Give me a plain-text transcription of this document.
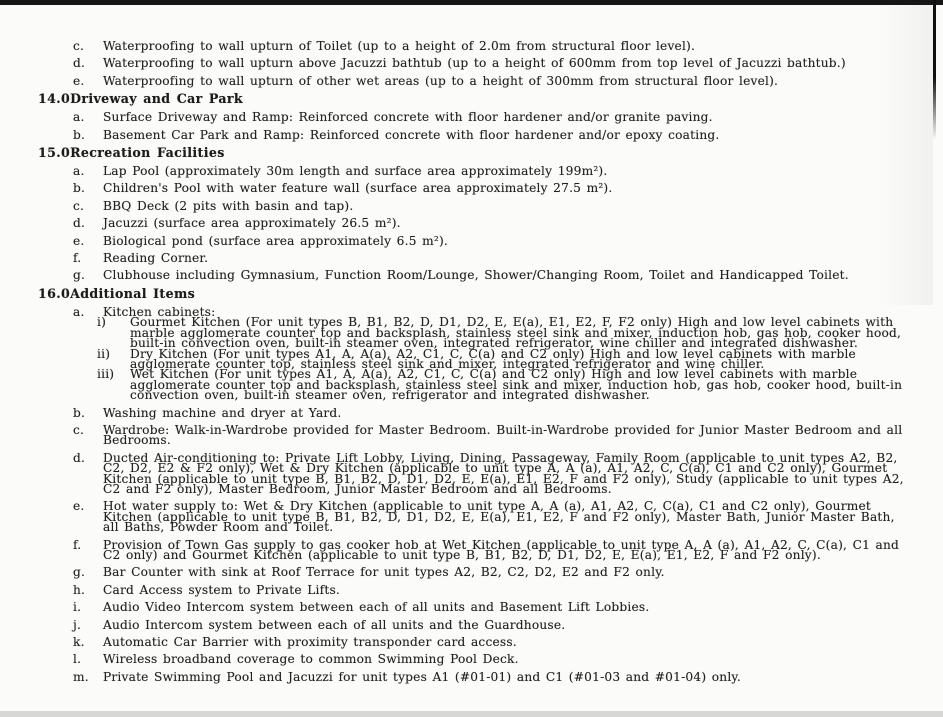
c.	Waterproofing to wall upturn of Toilet (up to a height of 2.0m from structural floor level).
d.	Waterproofing to wall upturn above Jacuzzi bathtub (up to a height of 600mm from top level of Jacuzzi bathtub.)
e.	Waterproofing to wall upturn of other wet areas (up to a height of 300mm from structural floor level).
14.0 Driveway and Car Park
a.	Surface Driveway and Ramp: Reinforced concrete with floor hardener and/or granite paving.
b.	Basement Car Park and Ramp: Reinforced concrete with floor hardener and/or epoxy coating.
15.0 Recreation Facilities
a.	Lap Pool (approximately 30m length and surface area approximately 199m²).
b.	Children's Pool with water feature wall (surface area approximately 27.5 m²).
c.	BBQ Deck (2 pits with basin and tap).
d.	Jacuzzi (surface area approximately 26.5 m²).
e.	Biological pond (surface area approximately 6.5 m²).
f.	Reading Corner.
g.	Clubhouse including Gymnasium, Function Room/Lounge, Shower/Changing Room, Toilet and Handicapped Toilet.
16.0 Additional Items
a.	Kitchen cabinets:
i)	Gourmet Kitchen (For unit types B, B1, B2, D, D1, D2, E, E(a), E1, E2, F, F2 only) High and low level cabinets with marble agglomerate counter top and backsplash, stainless steel sink and mixer, induction hob, gas hob, cooker hood, built-in convection oven, built-in steamer oven, integrated refrigerator, wine chiller and integrated dishwasher.
ii)	Dry Kitchen (For unit types A1, A, A(a), A2, C1, C, C(a) and C2 only) High and low level cabinets with marble agglomerate counter top, stainless steel sink and mixer, integrated refrigerator and wine chiller.
iii)	Wet Kitchen (For unit types A1, A, A(a), A2, C1, C, C(a) and C2 only) High and low level cabinets with marble agglomerate counter top and backsplash, stainless steel sink and mixer, induction hob, gas hob, cooker hood, built-in convection oven, built-in steamer oven, refrigerator and integrated dishwasher.
b.	Washing machine and dryer at Yard.
c.	Wardrobe: Walk-in-Wardrobe provided for Master Bedroom. Built-in-Wardrobe provided for Junior Master Bedroom and all Bedrooms.
d.	Ducted Air-conditioning to: Private Lift Lobby, Living, Dining, Passageway, Family Room (applicable to unit types A2, B2, C2, D2, E2 & F2 only), Wet & Dry Kitchen (applicable to unit type A, A (a), A1, A2, C, C(a), C1 and C2 only), Gourmet Kitchen (applicable to unit type B, B1, B2, D, D1, D2, E, E(a), E1, E2, F and F2 only), Study (applicable to unit types A2, C2 and F2 only), Master Bedroom, Junior Master Bedroom and all Bedrooms.
e.	Hot water supply to: Wet & Dry Kitchen (applicable to unit type A, A (a), A1, A2, C, C(a), C1 and C2 only), Gourmet Kitchen (applicable to unit type B, B1, B2, D, D1, D2, E, E(a), E1, E2, F and F2 only), Master Bath, Junior Master Bath, all Baths, Powder Room and Toilet.
f.	Provision of Town Gas supply to gas cooker hob at Wet Kitchen (applicable to unit type A, A (a), A1, A2, C, C(a), C1 and C2 only) and Gourmet Kitchen (applicable to unit type B, B1, B2, D, D1, D2, E, E(a), E1, E2, F and F2 only).
g.	Bar Counter with sink at Roof Terrace for unit types A2, B2, C2, D2, E2 and F2 only.
h.	Card Access system to Private Lifts.
i.	Audio Video Intercom system between each of all units and Basement Lift Lobbies.
j.	Audio Intercom system between each of all units and the Guardhouse.
k.	Automatic Car Barrier with proximity transponder card access.
l.	Wireless broadband coverage to common Swimming Pool Deck.
m.	Private Swimming Pool and Jacuzzi for unit types A1 (#01-01) and C1 (#01-03 and #01-04) only.
